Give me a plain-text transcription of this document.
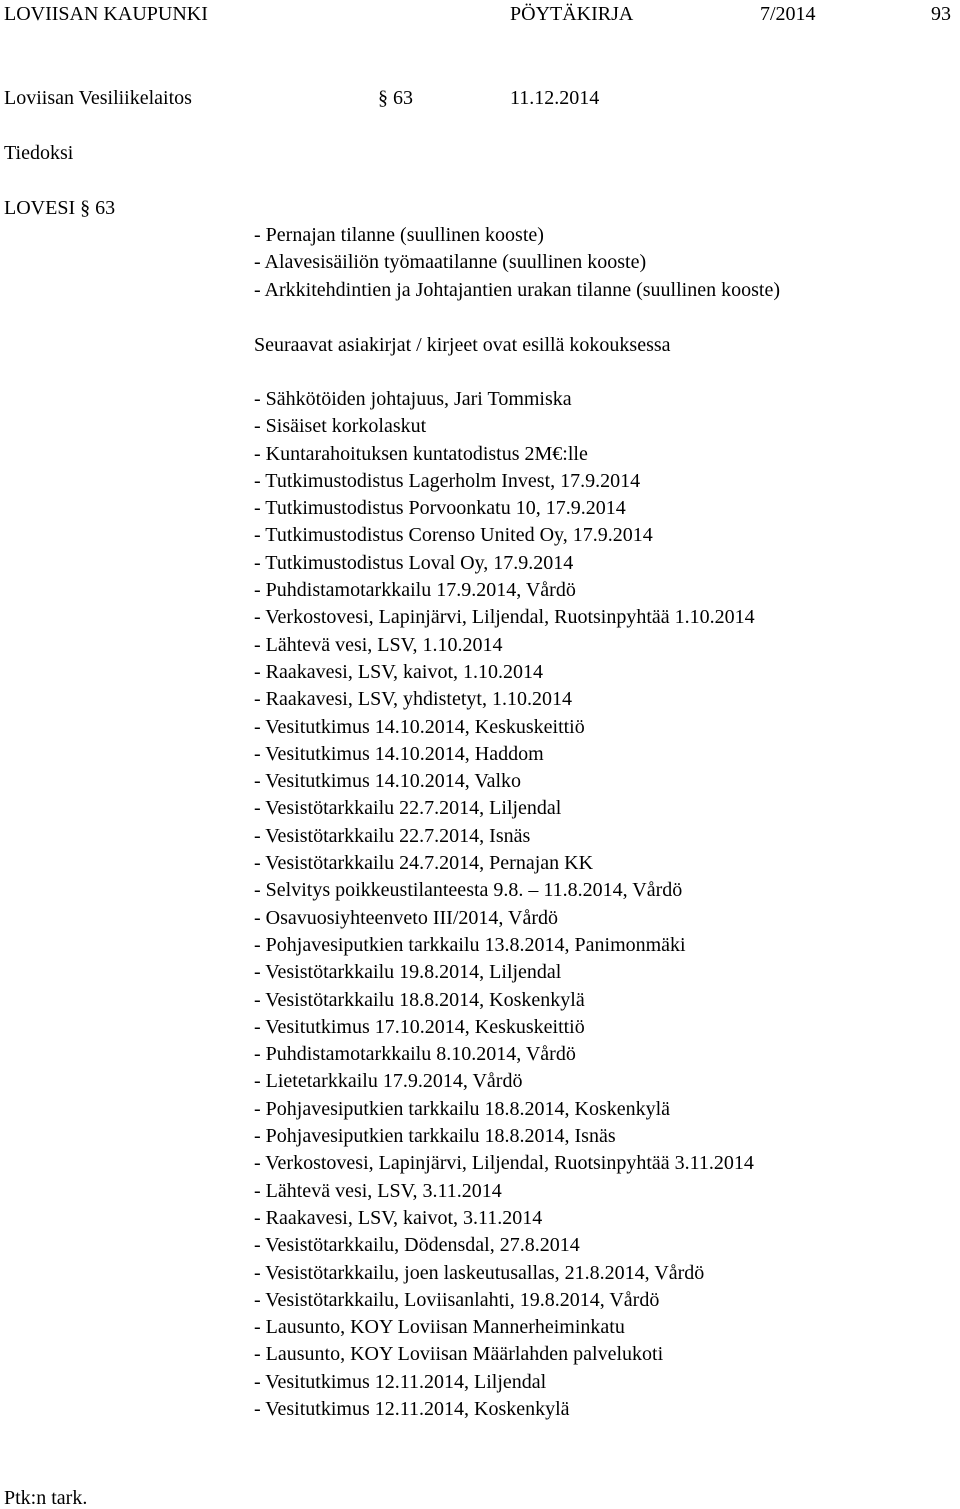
LOVIISAN KAUPUNKI	PÖYTÄKIRJA	7/2014	93
Loviisan Vesiliikelaitos	§ 63	11.12.2014
Tiedoksi
LOVESI § 63
- Pernajan tilanne (suullinen kooste)
- Alavesisäiliön työmaatilanne (suullinen kooste)
- Arkkitehdintien ja Johtajantien urakan tilanne (suullinen kooste)
Seuraavat asiakirjat / kirjeet ovat esillä kokouksessa
- Sähkötöiden johtajuus, Jari Tommiska
- Sisäiset korkolaskut
- Kuntarahoituksen kuntatodistus 2M€:lle
- Tutkimustodistus Lagerholm Invest, 17.9.2014
- Tutkimustodistus Porvoonkatu 10, 17.9.2014
- Tutkimustodistus Corenso United Oy, 17.9.2014
- Tutkimustodistus Loval Oy, 17.9.2014
- Puhdistamotarkkailu 17.9.2014, Vårdö
- Verkostovesi, Lapinjärvi, Liljendal, Ruotsinpyhtää 1.10.2014
- Lähtevä vesi, LSV, 1.10.2014
- Raakavesi, LSV, kaivot, 1.10.2014
- Raakavesi, LSV, yhdistetyt, 1.10.2014
- Vesitutkimus 14.10.2014, Keskuskeittiö
- Vesitutkimus 14.10.2014, Haddom
- Vesitutkimus 14.10.2014, Valko
- Vesistötarkkailu 22.7.2014, Liljendal
- Vesistötarkkailu 22.7.2014, Isnäs
- Vesistötarkkailu 24.7.2014, Pernajan KK
- Selvitys poikkeustilanteesta 9.8. – 11.8.2014, Vårdö
- Osavuosiyhteenveto III/2014, Vårdö
- Pohjavesiputkien tarkkailu 13.8.2014, Panimonmäki
- Vesistötarkkailu 19.8.2014, Liljendal
- Vesistötarkkailu 18.8.2014, Koskenkylä
- Vesitutkimus 17.10.2014, Keskuskeittiö
- Puhdistamotarkkailu 8.10.2014, Vårdö
- Lietetarkkailu 17.9.2014, Vårdö
- Pohjavesiputkien tarkkailu 18.8.2014, Koskenkylä
- Pohjavesiputkien tarkkailu 18.8.2014, Isnäs
- Verkostovesi, Lapinjärvi, Liljendal, Ruotsinpyhtää 3.11.2014
- Lähtevä vesi, LSV, 3.11.2014
- Raakavesi, LSV, kaivot, 3.11.2014
- Vesistötarkkailu, Dödensdal, 27.8.2014
- Vesistötarkkailu, joen laskeutusallas, 21.8.2014, Vårdö
- Vesistötarkkailu, Loviisanlahti, 19.8.2014, Vårdö
- Lausunto, KOY Loviisan Mannerheiminkatu
- Lausunto, KOY Loviisan Määrlahden palvelukoti
- Vesitutkimus 12.11.2014, Liljendal
- Vesitutkimus 12.11.2014, Koskenkylä
Ptk:n tark.
